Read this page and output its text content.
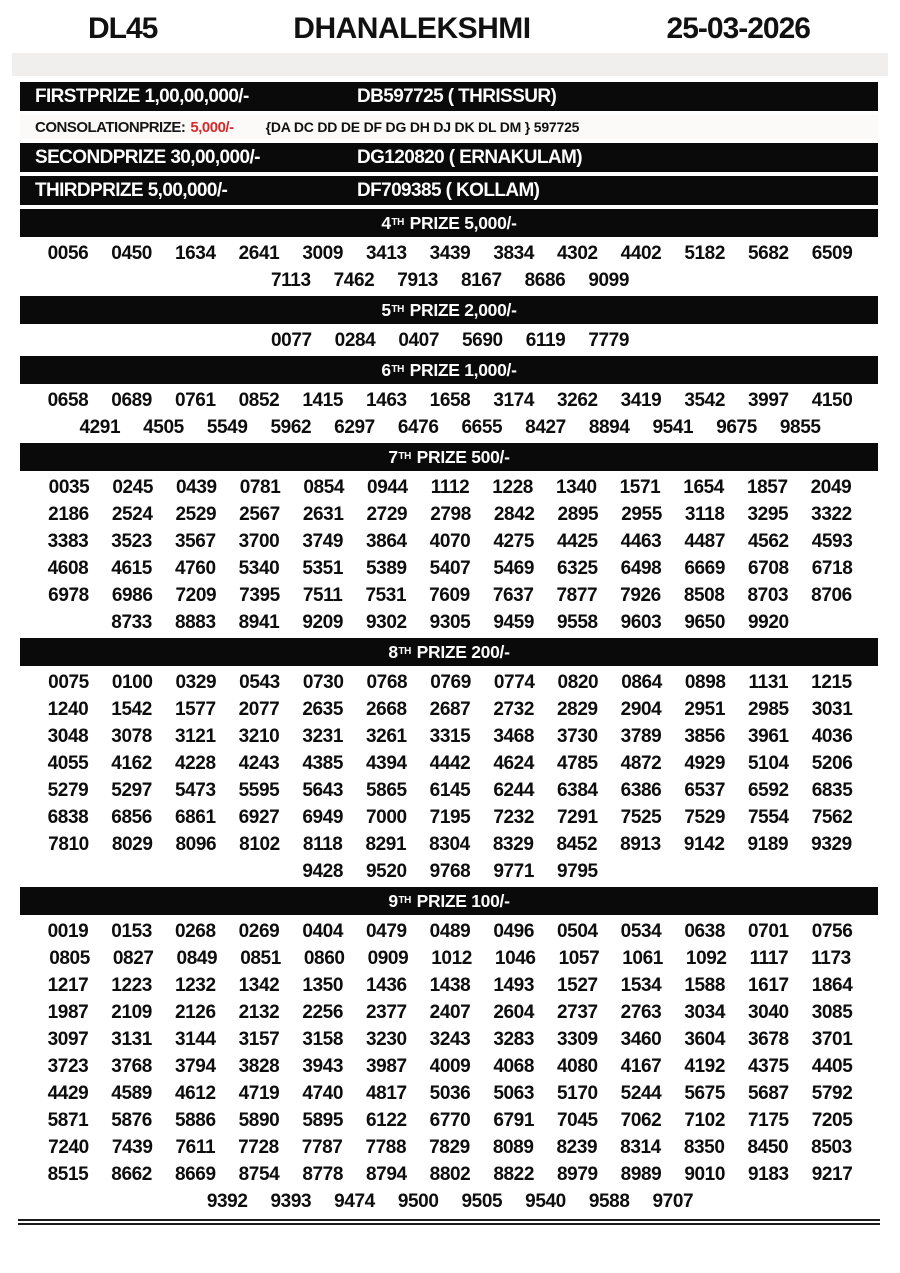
DL45	DHANALEKSHMI	25-03-2026
FIRSTPRIZE 1,00,00,000/-	DB597725 ( THRISSUR)
CONSOLATIONPRIZE: 5,000/- {DA DC DD DE DF DG DH DJ DK DL DM } 597725
SECONDPRIZE 30,00,000/-	DG120820 ( ERNAKULAM)
THIRDPRIZE 5,00,000/-	DF709385 ( KOLLAM)
4 TH PRIZE 5,000/-
0056 0450 1634 2641 3009 3413 3439 3834 4302 4402 5182 5682 6509
7113 7462 7913 8167 8686 9099
5 TH PRIZE 2,000/-
0077 0284 0407 5690 6119 7779
6 TH PRIZE 1,000/-
0658 0689 0761 0852 1415 1463 1658 3174 3262 3419 3542 3997 4150
4291 4505 5549 5962 6297 6476 6655 8427 8894 9541 9675 9855
7 TH PRIZE 500/-
0035 0245 0439 0781 0854 0944 1112 1228 1340 1571 1654 1857 2049
2186 2524 2529 2567 2631 2729 2798 2842 2895 2955 3118 3295 3322
3383 3523 3567 3700 3749 3864 4070 4275 4425 4463 4487 4562 4593
4608 4615 4760 5340 5351 5389 5407 5469 6325 6498 6669 6708 6718
6978 6986 7209 7395 7511 7531 7609 7637 7877 7926 8508 8703 8706
8733 8883 8941 9209 9302 9305 9459 9558 9603 9650 9920
8 TH PRIZE 200/-
0075 0100 0329 0543 0730 0768 0769 0774 0820 0864 0898 1131 1215
1240 1542 1577 2077 2635 2668 2687 2732 2829 2904 2951 2985 3031
3048 3078 3121 3210 3231 3261 3315 3468 3730 3789 3856 3961 4036
4055 4162 4228 4243 4385 4394 4442 4624 4785 4872 4929 5104 5206
5279 5297 5473 5595 5643 5865 6145 6244 6384 6386 6537 6592 6835
6838 6856 6861 6927 6949 7000 7195 7232 7291 7525 7529 7554 7562
7810 8029 8096 8102 8118 8291 8304 8329 8452 8913 9142 9189 9329
9428 9520 9768 9771 9795
9 TH PRIZE 100/-
0019 0153 0268 0269 0404 0479 0489 0496 0504 0534 0638 0701 0756
0805 0827 0849 0851 0860 0909 1012 1046 1057 1061 1092 1117 1173
1217 1223 1232 1342 1350 1436 1438 1493 1527 1534 1588 1617 1864
1987 2109 2126 2132 2256 2377 2407 2604 2737 2763 3034 3040 3085
3097 3131 3144 3157 3158 3230 3243 3283 3309 3460 3604 3678 3701
3723 3768 3794 3828 3943 3987 4009 4068 4080 4167 4192 4375 4405
4429 4589 4612 4719 4740 4817 5036 5063 5170 5244 5675 5687 5792
5871 5876 5886 5890 5895 6122 6770 6791 7045 7062 7102 7175 7205
7240 7439 7611 7728 7787 7788 7829 8089 8239 8314 8350 8450 8503
8515 8662 8669 8754 8778 8794 8802 8822 8979 8989 9010 9183 9217
9392 9393 9474 9500 9505 9540 9588 9707
